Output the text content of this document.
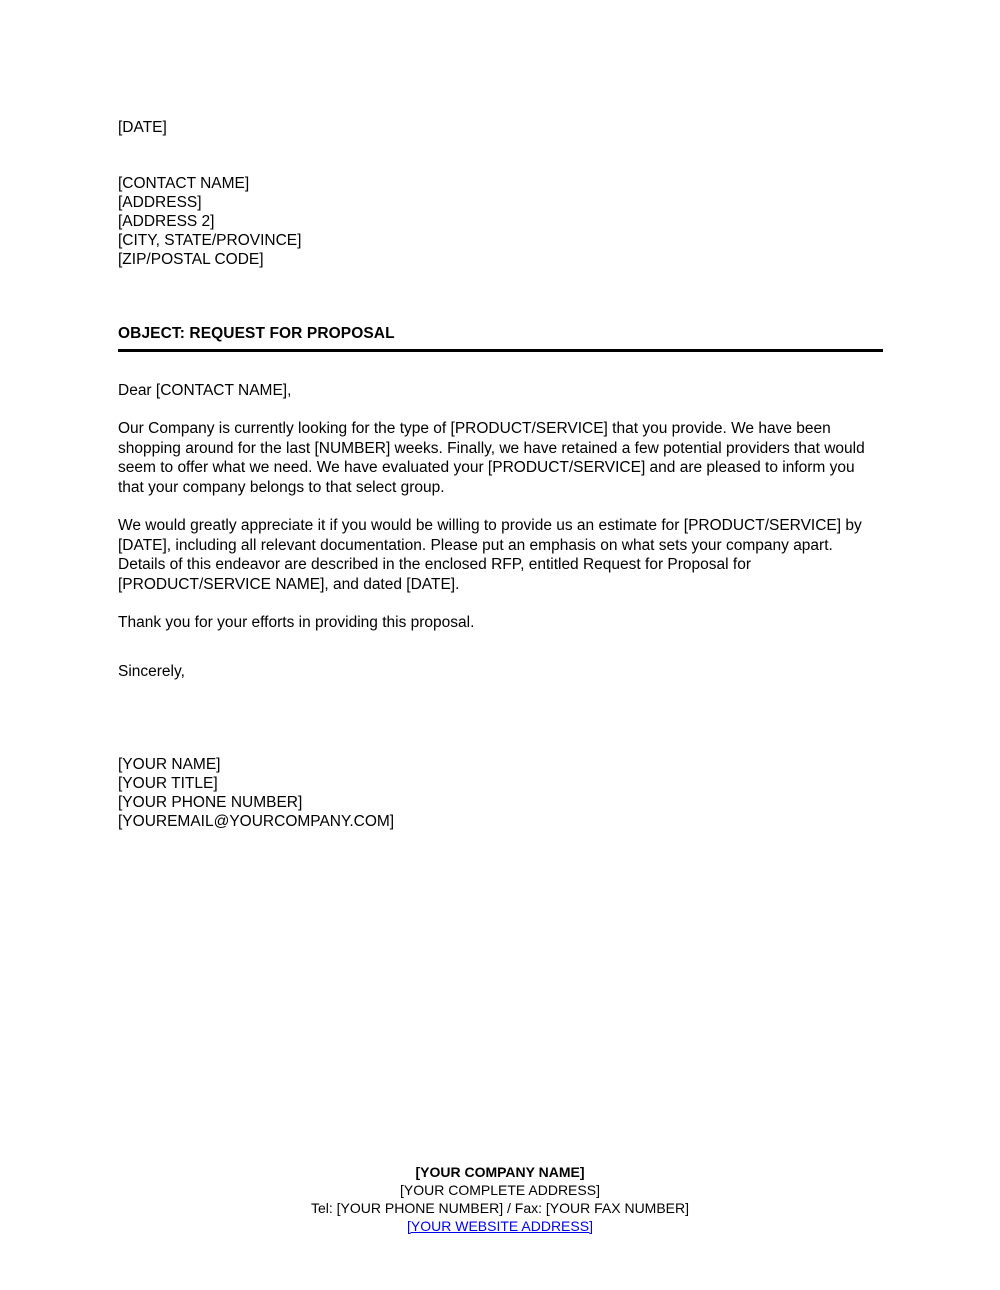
[DATE]
[CONTACT NAME]
[ADDRESS]
[ADDRESS 2]
[CITY, STATE/PROVINCE]
[ZIP/POSTAL CODE]
OBJECT: REQUEST FOR PROPOSAL
Dear [CONTACT NAME],

Our Company is currently looking for the type of [PRODUCT/SERVICE] that you provide. We have been shopping around for the last [NUMBER] weeks. Finally, we have retained a few potential providers that would seem to offer what we need. We have evaluated your [PRODUCT/SERVICE] and are pleased to inform you that your company belongs to that select group.

We would greatly appreciate it if you would be willing to provide us an estimate for [PRODUCT/SERVICE] by [DATE], including all relevant documentation. Please put an emphasis on what sets your company apart. Details of this endeavor are described in the enclosed RFP, entitled Request for Proposal for [PRODUCT/SERVICE NAME], and dated [DATE].

Thank you for your efforts in providing this proposal.

Sincerely,
[YOUR NAME]
[YOUR TITLE]
[YOUR PHONE NUMBER]
[YOUREMAIL@YOURCOMPANY.COM]
[YOUR COMPANY NAME]
[YOUR COMPLETE ADDRESS]
Tel: [YOUR PHONE NUMBER] / Fax: [YOUR FAX NUMBER]
[YOUR WEBSITE ADDRESS]
